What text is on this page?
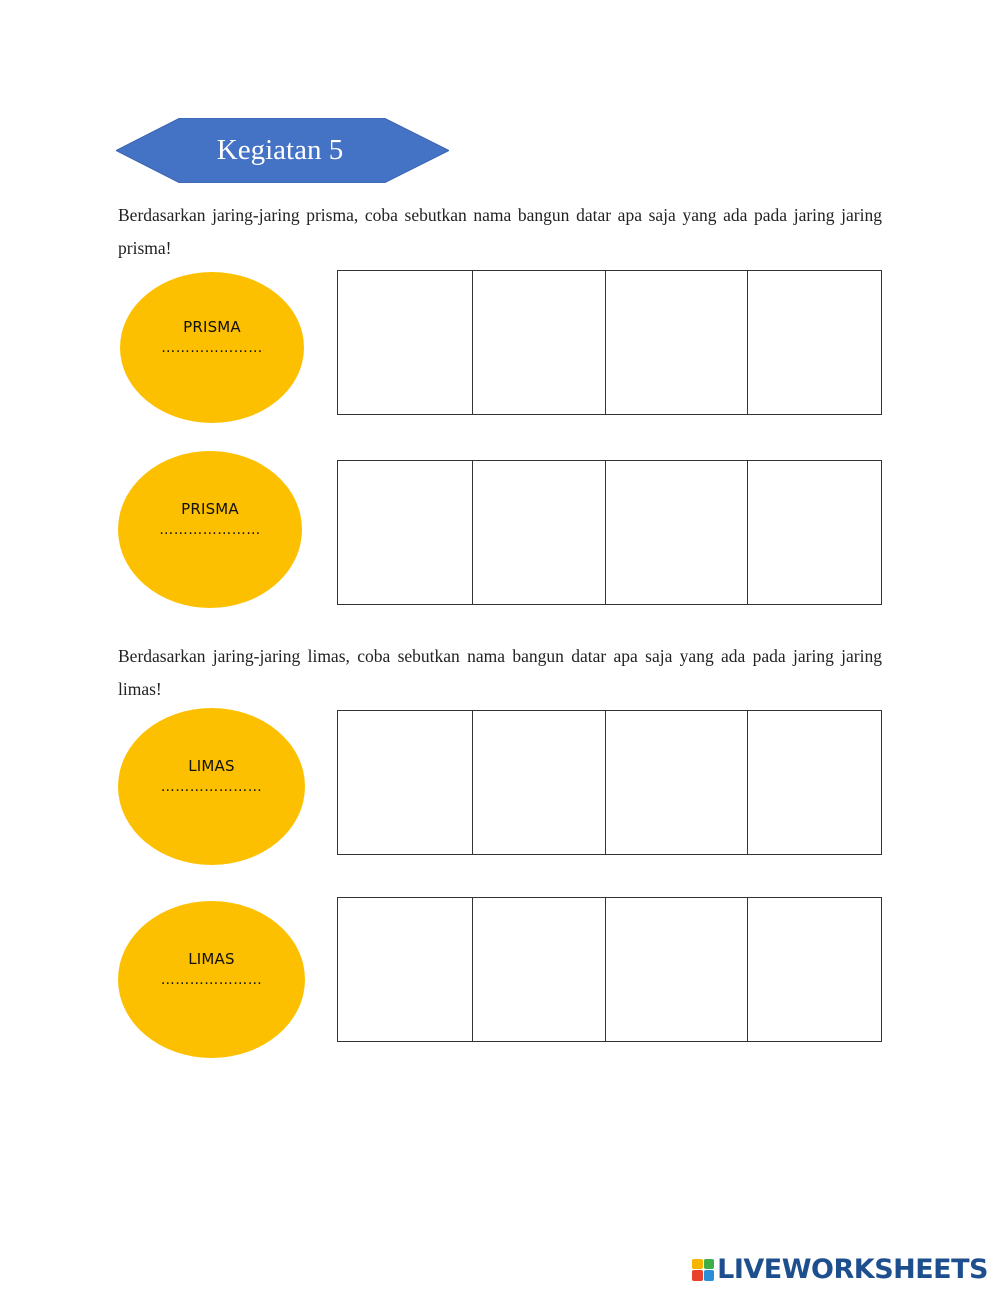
Kegiatan 5
Berdasarkan jaring-jaring prisma, coba sebutkan nama bangun datar apa saja yang ada pada jaring jaring prisma!
PRISMA
…………………
PRISMA
…………………
Berdasarkan jaring-jaring limas, coba sebutkan nama bangun datar apa saja yang ada pada jaring jaring limas!
LIMAS
…………………
LIMAS
…………………
LIVEWORKSHEETS
